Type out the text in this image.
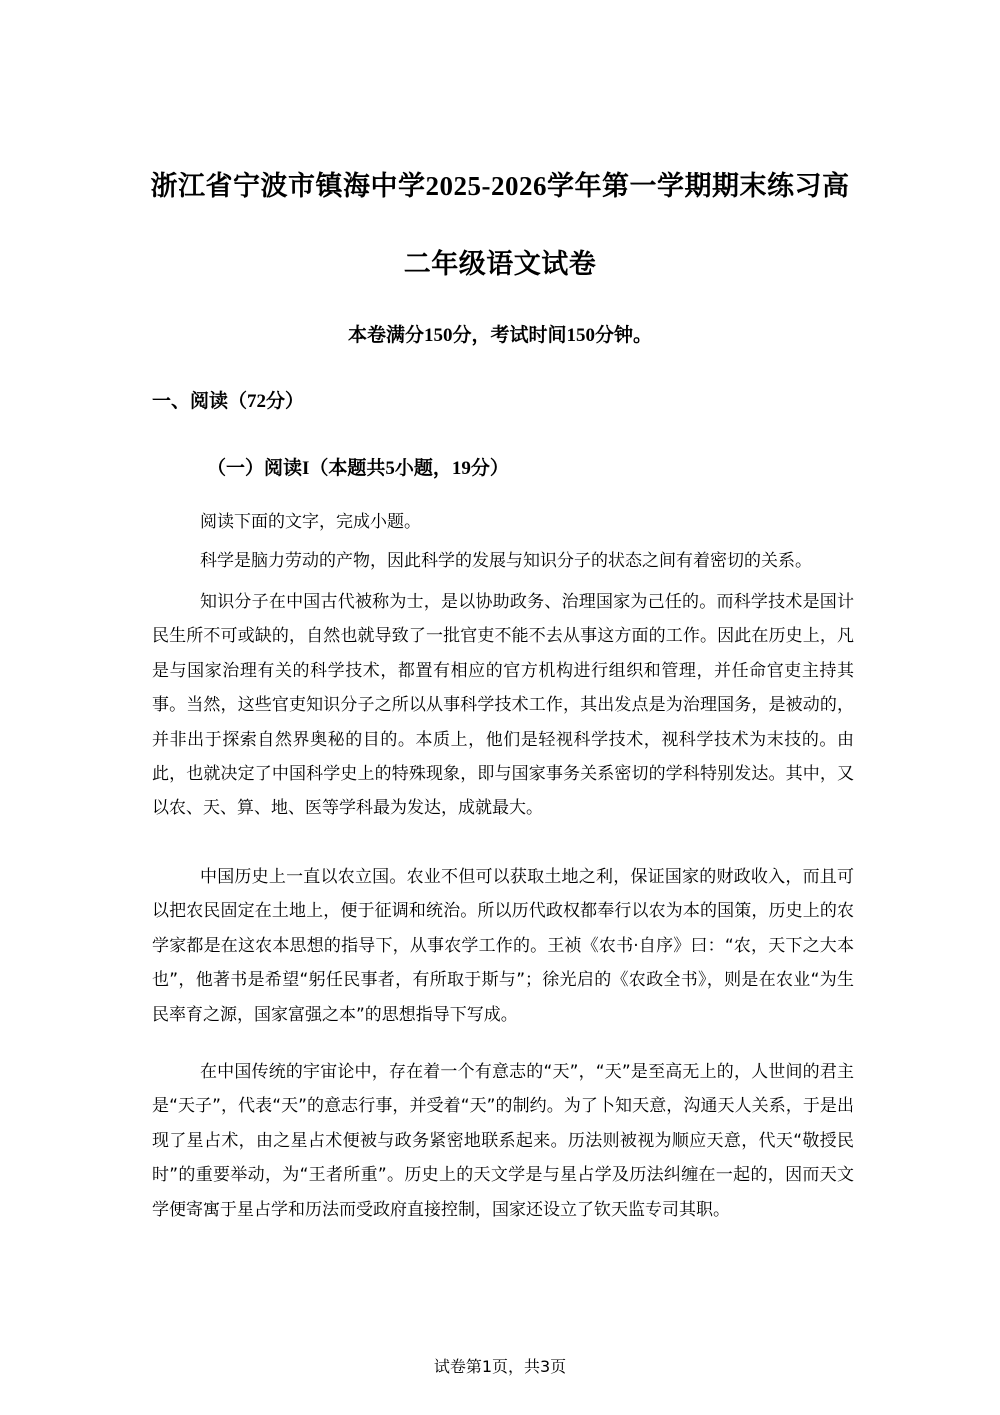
浙江省宁波市镇海中学2025-2026学年第一学期期末练习高
二年级语文试卷
本卷满分150分，考试时间150分钟。
一、阅读（72分）
（一）阅读I（本题共5小题，19分）

阅读下面的文字，完成小题。

科学是脑力劳动的产物，因此科学的发展与知识分子的状态之间有着密切的关系。

知识分子在中国古代被称为士，是以协助政务、治理国家为己任的。而科学技术是国计民生所不可或缺的，自然也就导致了一批官吏不能不去从事这方面的工作。因此在历史上，凡是与国家治理有关的科学技术，都置有相应的官方机构进行组织和管理，并任命官吏主持其事。当然，这些官吏知识分子之所以从事科学技术工作，其出发点是为治理国务，是被动的，并非出于探索自然界奥秘的目的。本质上，他们是轻视科学技术，视科学技术为末技的。由此，也就决定了中国科学史上的特殊现象，即与国家事务关系密切的学科特别发达。其中，又以农、天、算、地、医等学科最为发达，成就最大。

中国历史上一直以农立国。农业不但可以获取土地之利，保证国家的财政收入，而且可以把农民固定在土地上，便于征调和统治。所以历代政权都奉行以农为本的国策，历史上的农学家都是在这农本思想的指导下，从事农学工作的。王祯《农书·自序》曰：“农，天下之大本也”，他著书是希望“躬任民事者，有所取于斯与”；徐光启的《农政全书》，则是在农业“为生民率育之源，国家富强之本”的思想指导下写成。

在中国传统的宇宙论中，存在着一个有意志的“天”，“天”是至高无上的，人世间的君主是“天子”，代表“天”的意志行事，并受着“天”的制约。为了卜知天意，沟通天人关系，于是出现了星占术，由之星占术便被与政务紧密地联系起来。历法则被视为顺应天意，代天“敬授民时”的重要举动，为“王者所重”。历史上的天文学是与星占学及历法纠缠在一起的，因而天文学便寄寓于星占学和历法而受政府直接控制，国家还设立了钦天监专司其职。

试卷第1页，共3页
